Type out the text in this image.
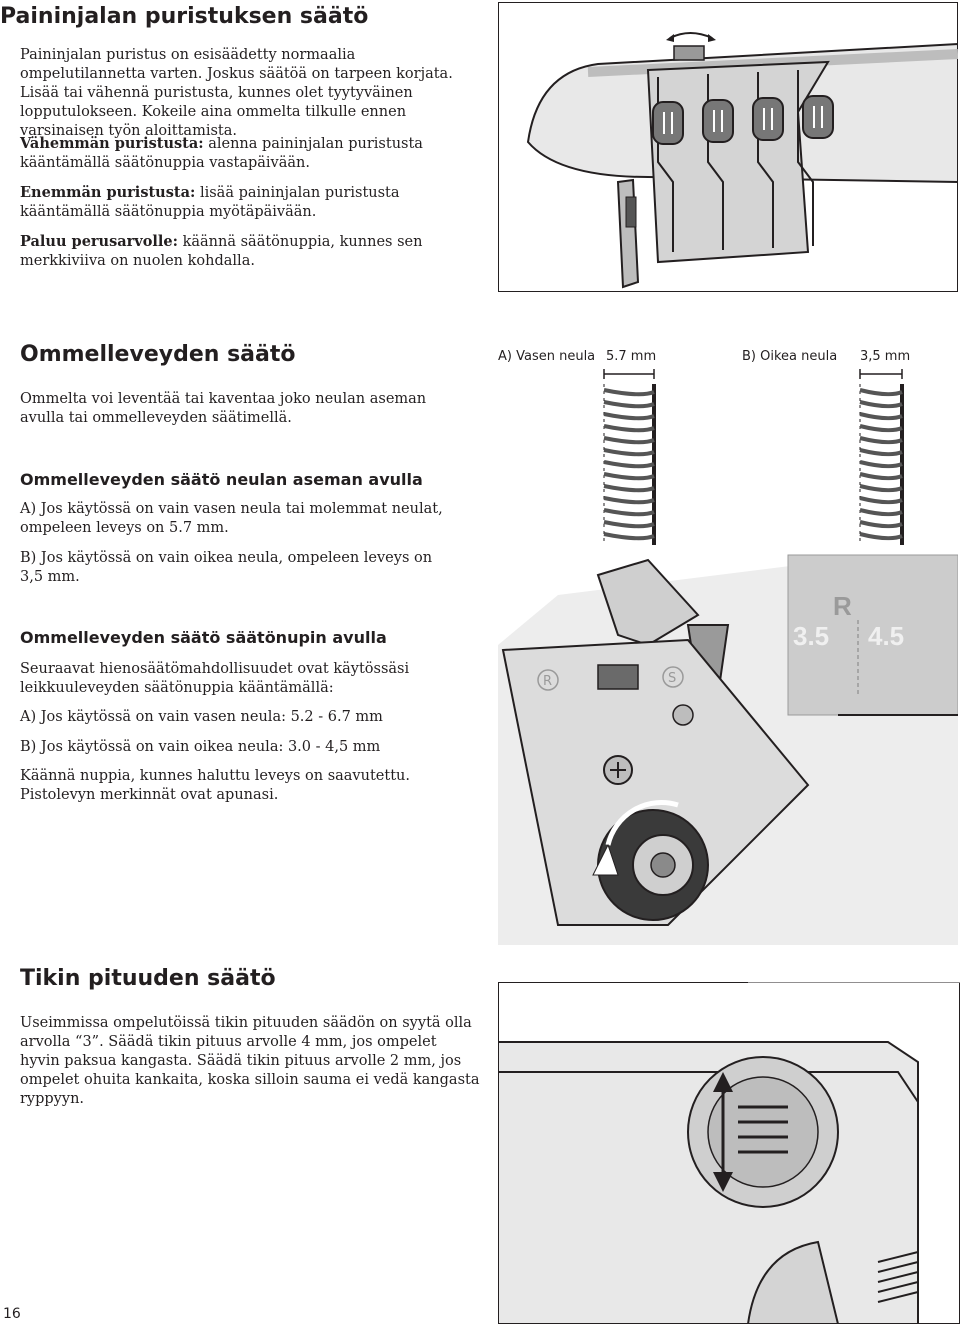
Paininjalan puristuksen säätö

Paininjalan puristus on esisäädetty normaalia ompelutilannetta varten. Joskus säätöä on tarpeen korjata. Lisää tai vähennä puristusta, kunnes olet tyytyväinen lopputulokseen. Kokeile aina ommelta tilkulle ennen varsinaisen työn aloittamista.

Vähemmän puristusta: alenna paininjalan puristusta kääntämällä säätönuppia vastapäivään.

Enemmän puristusta: lisää paininjalan puristusta kääntämällä säätönuppia myötäpäivään.

Paluu perusarvolle: käännä säätönuppia, kunnes sen merkkiviiva on nuolen kohdalla.

Ommelleveyden säätö

Ommelta voi leventää tai kaventaa joko neulan aseman avulla tai ommelleveyden säätimellä.

Ommelleveyden säätö neulan aseman avulla

A) Jos käytössä on vain vasen neula tai molemmat neulat, ompeleen leveys on 5.7 mm.

B) Jos käytössä on vain oikea neula, ompeleen leveys on 3,5 mm.

Ommelleveyden säätö säätönupin avulla

Seuraavat hienosäätömahdollisuudet ovat käytössäsi leikkuuleveyden säätönuppia kääntämällä:

A) Jos käytössä on vain vasen neula: 5.2 - 6.7 mm

B) Jos käytössä on vain oikea neula: 3.0 - 4,5 mm

Käännä nuppia, kunnes haluttu leveys on saavutettu. Pistolevyn merkinnät ovat apunasi.

A) Vasen neula 5.7 mm	B) Oikea neula 3,5 mm
R	S
R
3.5 4.5
Tikin pituuden säätö

Useimmissa ompelutöissä tikin pituuden säädön on syytä olla arvolla “3”. Säädä tikin pituus arvolle 4 mm, jos ompelet hyvin paksua kangasta. Säädä tikin pituus arvolle 2 mm, jos ompelet ohuita kankaita, koska silloin sauma ei vedä kangasta ryppyyn.

16
